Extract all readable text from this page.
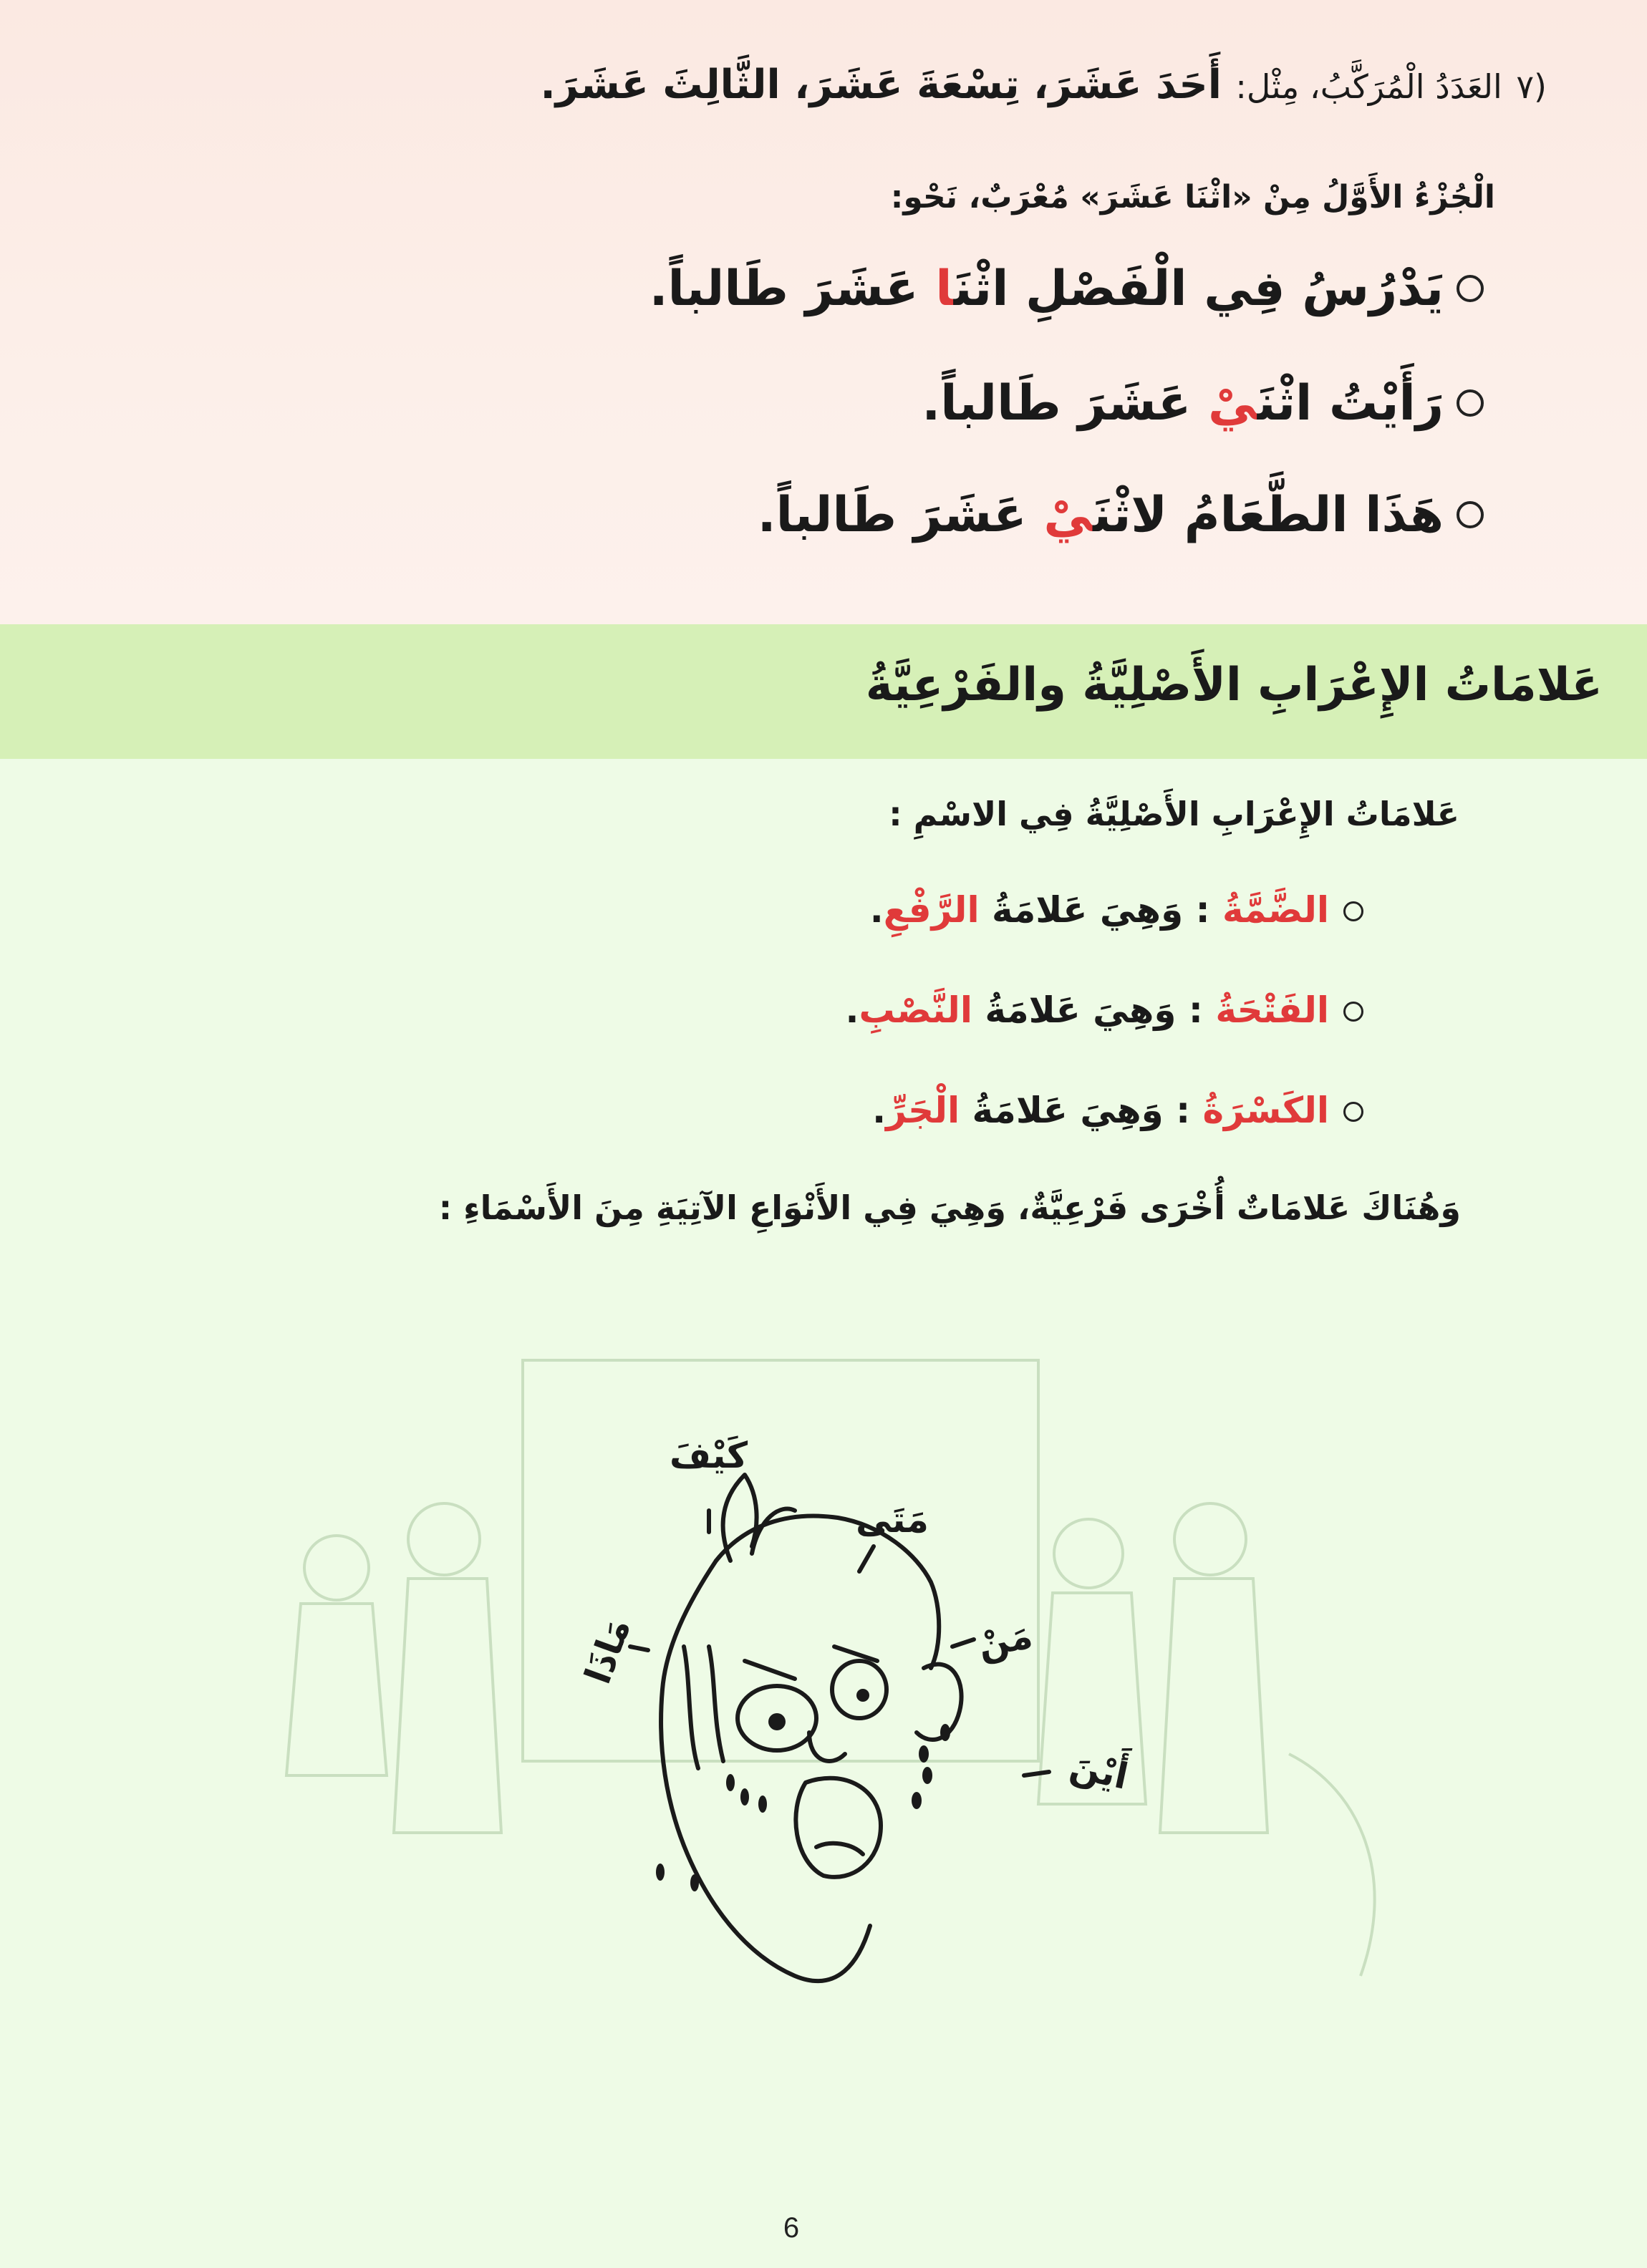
(٧ العَدَدُ الْمُرَكَّبُ، مِثْل: أَحَدَ عَشَرَ، تِسْعَةَ عَشَرَ، الثَّالِثَ عَشَرَ.
الْجُزْءُ الأَوَّلُ مِنْ «اثْنَا عَشَرَ» مُعْرَبٌ، نَحْو:
يَدْرُسُ فِي الْفَصْلِ اثْنَا عَشَرَ طَالباً.
رَأَيْتُ اثْنَيْ عَشَرَ طَالباً.
هَذَا الطَّعَامُ لاثْنَيْ عَشَرَ طَالباً.
عَلامَاتُ الإِعْرَابِ الأَصْلِيَّةُ والفَرْعِيَّةُ
عَلامَاتُ الإِعْرَابِ الأَصْلِيَّةُ فِي الاسْمِ :
الضَّمَّةُ : وَهِيَ عَلامَةُ الرَّفْعِ.
الفَتْحَةُ : وَهِيَ عَلامَةُ النَّصْبِ.
الكَسْرَةُ : وَهِيَ عَلامَةُ الْجَرِّ.
وَهُنَاكَ عَلامَاتٌ أُخْرَى فَرْعِيَّةٌ، وَهِيَ فِي الأَنْوَاعِ الآتِيَةِ مِنَ الأَسْمَاءِ :
كَيْفَ
مَتَى
مَاذَا	مَنْ
أَيْنَ
6
